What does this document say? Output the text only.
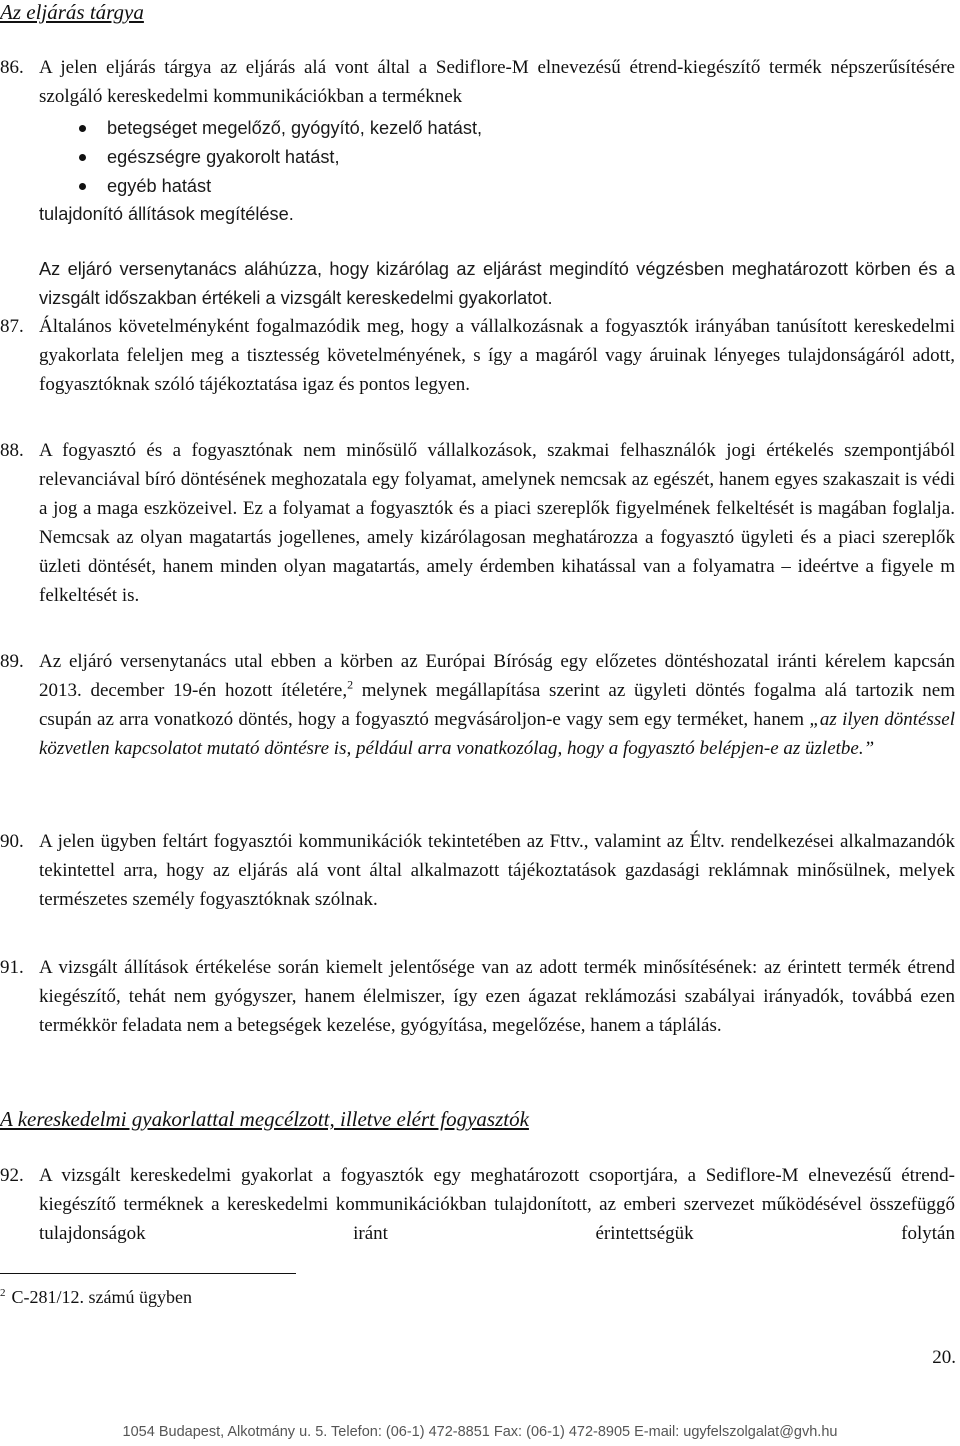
Az eljárás tárgya
86. A jelen eljárás tárgya az eljárás alá vont által a Sediflore-M elnevezésű étrend-kiegészítő termék népszerűsítésére szolgáló kereskedelmi kommunikációkban a terméknek
betegséget megelőző, gyógyító, kezelő hatást,
egészségre gyakorolt hatást,
egyéb hatást
tulajdonító állítások megítélése.
Az eljáró versenytanács aláhúzza, hogy kizárólag az eljárást megindító végzésben meghatározott körben és a vizsgált időszakban értékeli a vizsgált kereskedelmi gyakorlatot.
87. Általános követelményként fogalmazódik meg, hogy a vállalkozásnak a fogyasztók irányában tanúsított kereskedelmi gyakorlata feleljen meg a tisztesség követelményének, s így a magáról vagy áruinak lényeges tulajdonságáról adott, fogyasztóknak szóló tájékoztatása igaz és pontos legyen.
88. A fogyasztó és a fogyasztónak nem minősülő vállalkozások, szakmai felhasználók jogi értékelés szempontjából relevanciával bíró döntésének meghozatala egy folyamat, amelynek nemcsak az egészét, hanem egyes szakaszait is védi a jog a maga eszközeivel. Ez a folyamat a fogyasztók és a piaci szereplők figyelmének felkeltését is magában foglalja. Nemcsak az olyan magatartás jogellenes, amely kizárólagosan meghatározza a fogyasztó ügyleti és a piaci szereplők üzleti döntését, hanem minden olyan magatartás, amely érdemben kihatással van a folyamatra – ideértve a figyele m felkeltését is.
89. Az eljáró versenytanács utal ebben a körben az Európai Bíróság egy előzetes döntéshozatal iránti kérelem kapcsán 2013. december 19-én hozott ítéletére,$^2$ melynek megállapítása szerint az ügyleti döntés fogalma alá tartozik nem csupán az arra vonatkozó döntés, hogy a fogyasztó megvásároljon-e vagy sem egy terméket, hanem „az ilyen döntéssel közvetlen kapcsolatot mutató döntésre is, például arra vonatkozólag, hogy a fogyasztó belépjen-e az üzletbe.”
90. A jelen ügyben feltárt fogyasztói kommunikációk tekintetében az Fttv., valamint az Éltv. rendelkezései alkalmazandók tekintettel arra, hogy az eljárás alá vont által alkalmazott tájékoztatások gazdasági reklámnak minősülnek, melyek természetes személy fogyasztóknak szólnak.
91. A vizsgált állítások értékelése során kiemelt jelentősége van az adott termék minősítésének: az érintett termék étrend kiegészítő, tehát nem gyógyszer, hanem élelmiszer, így ezen ágazat reklámozási szabályai irányadók, továbbá ezen termékkör feladata nem a betegségek kezelése, gyógyítása, megelőzése, hanem a táplálás.
A kereskedelmi gyakorlattal megcélzott, illetve elért fogyasztók
92. A vizsgált kereskedelmi gyakorlat a fogyasztók egy meghatározott csoportjára, a Sediflore-M elnevezésű étrend-kiegészítő terméknek a kereskedelmi kommunikációkban tulajdonított, az emberi szervezet működésével összefüggő tulajdonságok iránt érintettségük folytán
$^2$ C-281/12. számú ügyben
20.
1054 Budapest, Alkotmány u. 5. Telefon: (06-1) 472-8851 Fax: (06-1) 472-8905 E-mail: ugyfelszolgalat@gvh.hu
